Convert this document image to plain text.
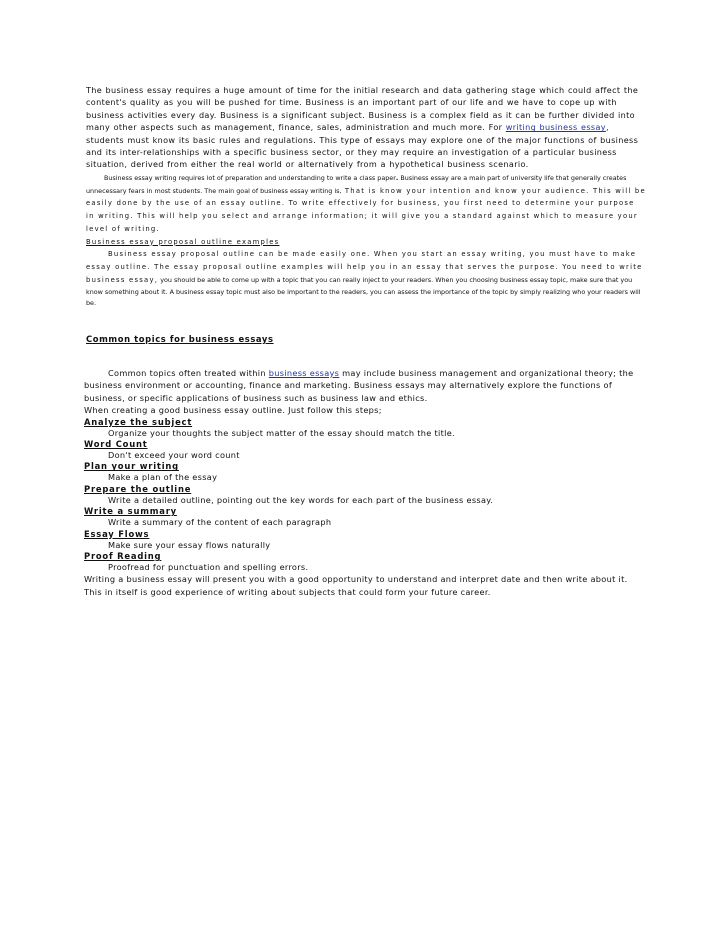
The business essay requires a huge amount of time for the initial research and data gathering stage which could affect the content's quality as you will be pushed for time. Business is an important part of our life and we have to cope up with business activities every day. Business is a significant subject. Business is a complex field as it can be further divided into many other aspects such as management, finance, sales, administration and much more. For writing business essay, students must know its basic rules and regulations. This type of essays may explore one of the major functions of business and its inter-relationships with a specific business sector, or they may require an investigation of a particular business situation, derived from either the real world or alternatively from a hypothetical business scenario.

Business essay writing requires lot of preparation and understanding to write a class paper. Business essay are a main part of university life that generally creates unnecessary fears in most students. The main goal of business essay writing is, That is know your intention and know your audience. This will be easily done by the use of an essay outline. To write effectively for business, you first need to determine your purpose in writing. This will help you select and arrange information; it will give you a standard against which to measure your level of writing.

Business essay proposal outline examples

Business essay proposal outline can be made easily one. When you start an essay writing, you must have to make essay outline. The essay proposal outline examples will help you in an essay that serves the purpose. You need to write business essay, you should be able to come up with a topic that you can really inject to your readers. When you choosing business essay topic, make sure that you know something about it. A business essay topic must also be important to the readers, you can assess the importance of the topic by simply realizing who your readers will be.

Common topics for business essays

Common topics often treated within business essays may include business management and organizational theory; the business environment or accounting, finance and marketing. Business essays may alternatively explore the functions of business, or specific applications of business such as business law and ethics.

When creating a good business essay outline. Just follow this steps;

Analyze the subject

Organize your thoughts the subject matter of the essay should match the title.

Word Count

Don't exceed your word count

Plan your writing

Make a plan of the essay

Prepare the outline

Write a detailed outline, pointing out the key words for each part of the business essay.

Write a summary

Write a summary of the content of each paragraph

Essay Flows

Make sure your essay flows naturally

Proof Reading

Proofread for punctuation and spelling errors.

Writing a business essay will present you with a good opportunity to understand and interpret date and then write about it. This in itself is good experience of writing about subjects that could form your future career.
